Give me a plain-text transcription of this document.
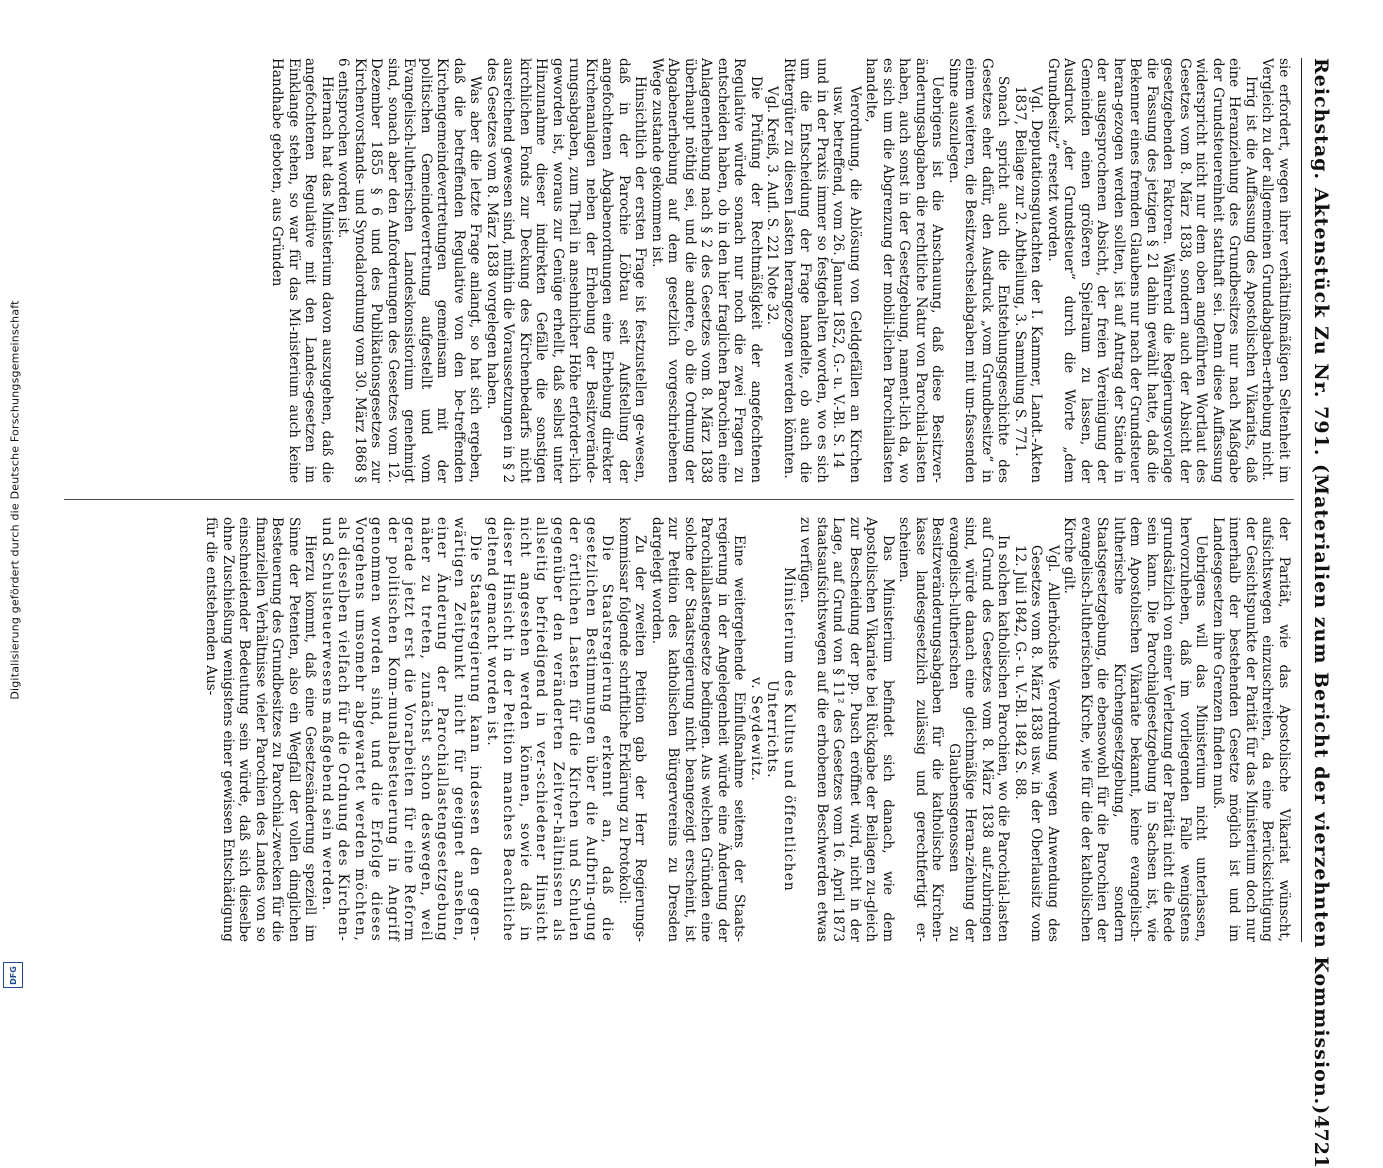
Digitalisierung gefördert durch die Deutsche Forschungsgemeinschaft
DFG	Reichstag. Aktenstück Zu Nr. 791. (Materialien zum Bericht der vierzehnten Kommission.)
4721

sie erfordert, wegen ihrer verhältnißmäßigen Seltenheit im Vergleich zu der allgemeinen Grundabgaben-erhebung nicht.

Irrig ist die Auffassung des Apostolischen Vikariats, daß eine Heranziehung des Grundbesitzes nur nach Maßgabe der Grundsteuereinheit statthaft sei. Denn diese Auffassung widerspricht nicht nur dem oben angeführten Wortlaut des Gesetzes vom 8. März 1838, sondern auch der Absicht der gesetzgebenden Faktoren. Während die Regierungsvorlage die Fassung des jetzigen § 21 dahin gewählt hatte, daß die Bekenner eines fremden Glaubens nur nach der Grundsteuer heran-gezogen werden sollten, ist auf Antrag der Stände in der ausgesprochenen Absicht, der freien Vereinigung der Gemeinden einen größeren Spielraum zu lassen, der Ausdruck „der Grundsteuer“ durch die Worte „dem Grundbesitz“ ersetzt worden.

Vgl. Deputationsgutachten der I. Kammer, Landt.-Akten 1837, Beilage zur 2. Abtheilung, 3. Sammlung S. 771.

Sonach spricht auch die Entstehungsgeschichte des Gesetzes eher dafür, den Ausdruck „vom Grundbesitze“ in einem weiteren, die Besitzwechselabgaben mit um-fassenden Sinne auszulegen.

Uebrigens ist die Anschauung, daß diese Besitzver-änderungsabgaben die rechtliche Natur von Parochial-lasten haben, auch sonst in der Gesetzgebung, nament-lich da, wo es sich um die Abgrenzung der mobili-lichen Parochiallasten handelte,

Verordnung, die Ablösung von Geldgefällen an Kirchen usw. betreffend, vom 26. Januar 1852, G.- u. V.-Bl. S. 14

und in der Praxis immer so festgehalten worden, wo es sich um die Entscheidung der Frage handelte, ob auch die Rittergüter zu diesen Lasten herangezogen werden könnten.

Vgl. Kreiß, 3. Aufl. S. 221 Note 32.

Die Prüfung der Rechtmäßigkeit der angefochtenen Regulative würde sonach nur noch die zwei Fragen zu entscheiden haben, ob in den hier fraglichen Parochien eine Anlagenerhebung nach § 2 des Gesetzes vom 8. März 1838 überhaupt nöthig sei, und die andere, ob die Ordnung der Abgabenerhebung auf dem gesetzlich vorgeschriebenen Wege zustande gekommen ist.

Hinsichtlich der ersten Frage ist festzustellen ge-wesen, daß in der Parochie Löbtau seit Aufstellung der angefochtenen Abgabenordnungen eine Erhebung direkter Kirchenanlagen neben der Erhebung der Besitzverände-rungsabgaben, zum Theil in ansehnlicher Höhe erforder-lich geworden ist, woraus zur Genüge erhellt, daß selbst unter Hinzunahme dieser indirekten Gefälle die sonstigen kirchlichen Fonds zur Deckung des Kirchenbedarfs nicht ausreichend gewesen sind, mithin die Voraussetzungen in § 2 des Gesetzes vom 8. März 1838 vorgelegen haben.

Was aber die letzte Frage anlangt, so hat sich ergeben, daß die betreffenden Regulative von den be-treffenden Kirchengemeindevertretungen gemeinsam mit der politischen Gemeindevertretung aufgestellt und vom Evangelisch-lutherischen Landeskonsistorium genehmigt sind, sonach aber den Anforderungen des Gesetzes vom 12. Dezember 1855 § 6 und des Publikationsgesetzes zur Kirchenvorstands- und Synodalordnung vom 30. März 1868 § 6 entsprochen worden ist.

Hiernach hat das Ministerium davon auszugehen, daß die angefochtenen Regulative mit den Landes-gesetzen im Einklange stehen, so war für das Mi-nisterium auch keine Handhabe geboten, aus Gründen

der Parität, wie das Apostolische Vikariat wünscht, aufsichtswegen einzuschreiten, da eine Berücksichtigung der Gesichtspunkte der Parität für das Ministerium doch nur innerhalb der bestehenden Gesetze möglich ist und im Landesgesetzen ihre Grenzen finden muß.

Uebrigens will das Ministerium nicht unterlassen, hervorzuheben, daß im vorliegenden Falle wenigstens grundsätzlich von einer Verletzung der Parität nicht die Rede sein kann. Die Parochialgesetzgebung in Sachsen ist, wie dem Apostolischen Vikariate bekannt, keine evangelisch-lutherische Kirchengesetzgebung, sondern Staatsgesetzgebung, die ebensowohl für die Parochien der evangelisch-lutherischen Kirche, wie für die der katholischen Kirche gilt.

Vgl. Allerhöchste Verordnung wegen Anwendung des Gesetzes vom 8. März 1838 usw. in der Oberlausitz vom 12. Juli 1842, G.- u. V.-Bl. 1842 S. 88.

In solchen katholischen Parochien, wo die Parochial-lasten auf Grund des Gesetzes vom 8. März 1838 auf-zubringen sind, würde danach eine gleichmäßige Heran-ziehung der evangelisch-lutherischen Glaubensgenossen zu Besitzveränderungsabgaben für die katholische Kirchen-kasse landesgesetzlich zulässig und gerechtfertigt er-scheinen.

Das Ministerium befindet sich danach, wie dem Apostolischen Vikariate bei Rückgabe der Beilagen zu-gleich zur Bescheidung der pp. Pusch eröffnet wird, nicht in der Lage, auf Grund von § 11² des Gesetzes vom 16. April 1873 staatsaufsichtswegen auf die erhobenen Beschwerden etwas zu verfügen.

Ministerium des Kultus und öffentlichen Unterrichts.

v. Seydewitz.

Eine weitergehende Einflußnahme seitens der Staats-regierung in der Angelegenheit würde eine Änderung der Parochiallastengesetze bedingen. Aus welchen Gründen eine solche der Staatsregierung nicht beangezeigt erscheint, ist zur Petition des katholischen Bürgervereins zu Dresden dargelegt worden.

Zu der zweiten Petition gab der Herr Regierungs-kommissar folgende schriftliche Erklärung zu Protokoll:

Die Staatsregierung erkennt an, daß die gesetzlichen Bestimmungen über die Aufbrin-gung der örtlichen Lasten für die Kirchen und Schulen gegenüber den veränderten Zeitver-hältnissen als allseitig befriedigend in ver-schiedener Hinsicht nicht angesehen werden können, sowie daß in dieser Hinsicht in der Petition manches Beachtliche geltend gemacht worden ist.

Die Staatsregierung kann indessen den gegen-wärtigen Zeitpunkt nicht für geeignet ansehen, einer Änderung der Parochiallastengesetzgebung näher zu treten, zunächst schon deswegen, weil gerade jetzt erst die Vorarbeiten für eine Reform der politischen Kom-munalbesteuerung in Angriff genommen worden sind, und die Erfolge dieses Vorgehens umsomehr abgewartet werden möchten, als dieselben vielfach für die Ordnung des Kirchen- und Schulsteuerwesens maßgebend sein werden.

Hierzu kommt, daß eine Gesetzesänderung speziell im Sinne der Petenten, also ein Wegfall der vollen dinglichen Besteuerung des Grundbesitzes zu Parochial-zwecken für die finanziellen Verhältnisse vieler Parochien des Landes von so einschneidender Bedeutung sein würde, daß sich dieselbe ohne Zuschießung wenigstens einer gewissen Entschädigung für die entstehenden Aus-
